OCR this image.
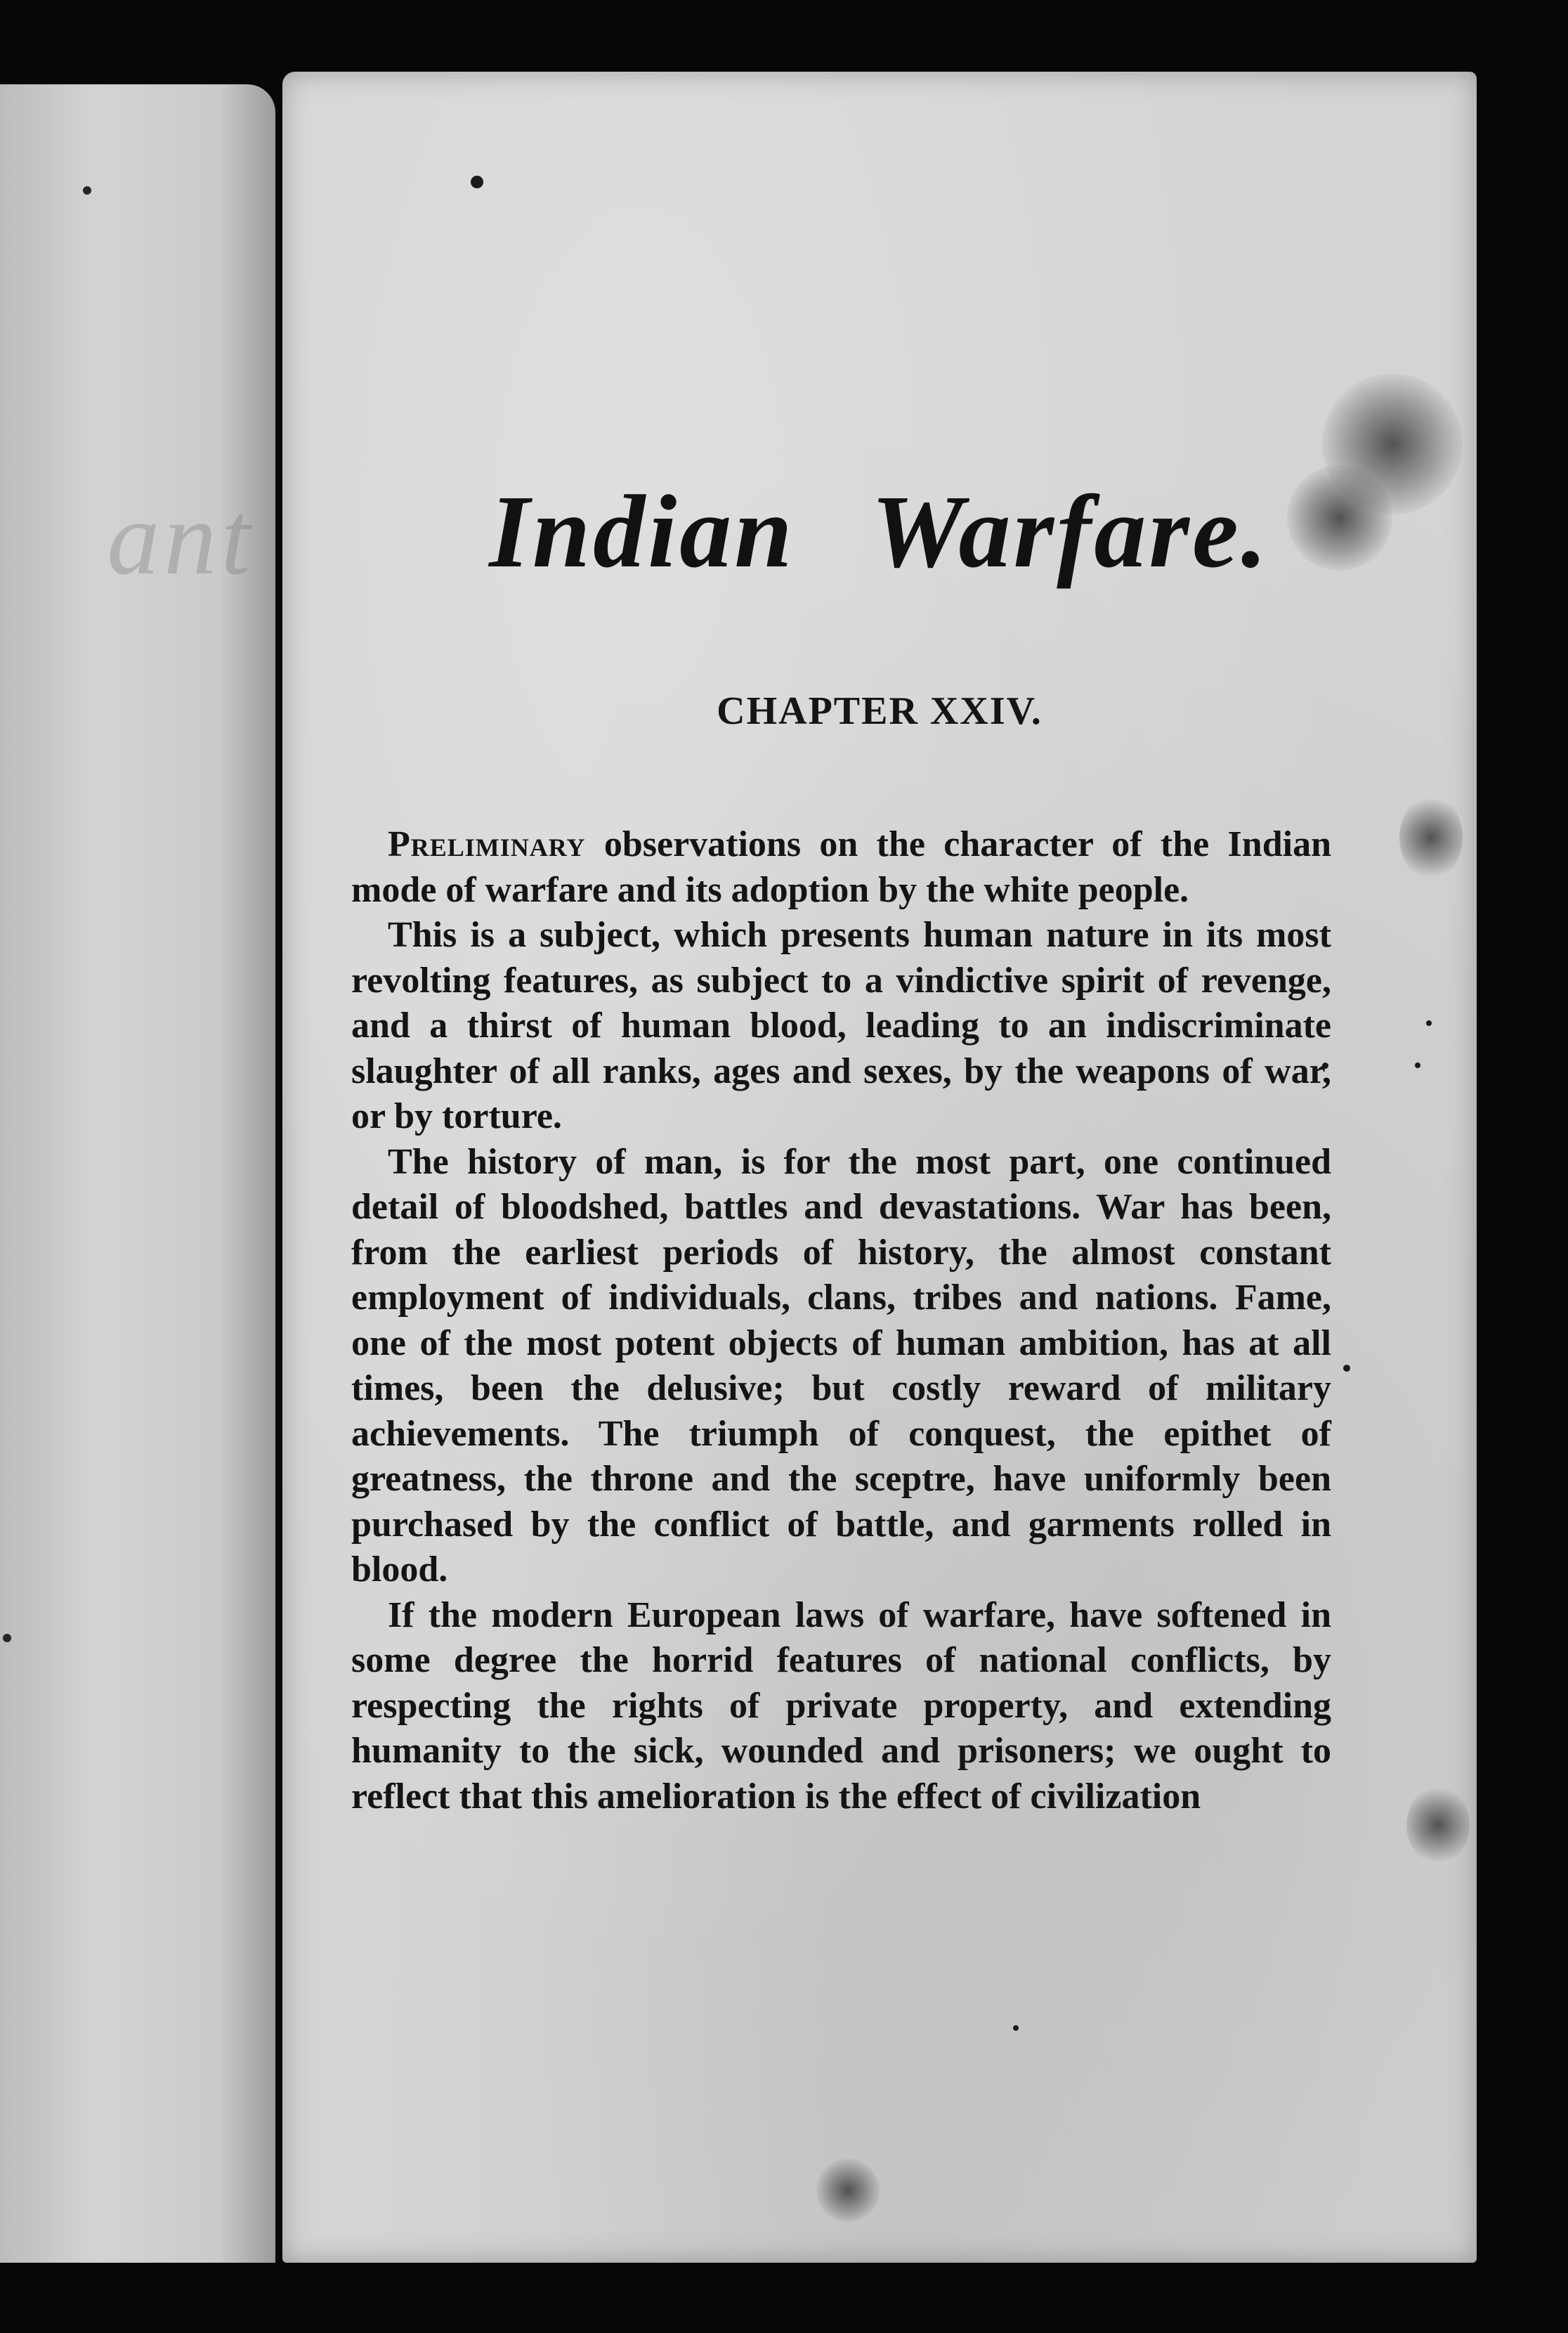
ant	Indian Warfare.
CHAPTER XXIV.

Preliminary observations on the character of the Indian mode of warfare and its adoption by the white people.

This is a subject, which presents human nature in its most revolting features, as subject to a vindictive spirit of revenge, and a thirst of human blood, leading to an indiscriminate slaughter of all ranks, ages and sexes, by the weapons of war, or by torture.

The history of man, is for the most part, one continued detail of bloodshed, battles and devastations. War has been, from the earliest periods of history, the almost constant employment of individuals, clans, tribes and nations. Fame, one of the most potent objects of human ambition, has at all times, been the delusive; but costly reward of military achievements. The triumph of conquest, the epithet of greatness, the throne and the sceptre, have uniformly been purchased by the conflict of battle, and garments rolled in blood.

If the modern European laws of warfare, have softened in some degree the horrid features of national conflicts, by respecting the rights of private property, and extending humanity to the sick, wounded and prisoners; we ought to reflect that this amelioration is the effect of civilization
